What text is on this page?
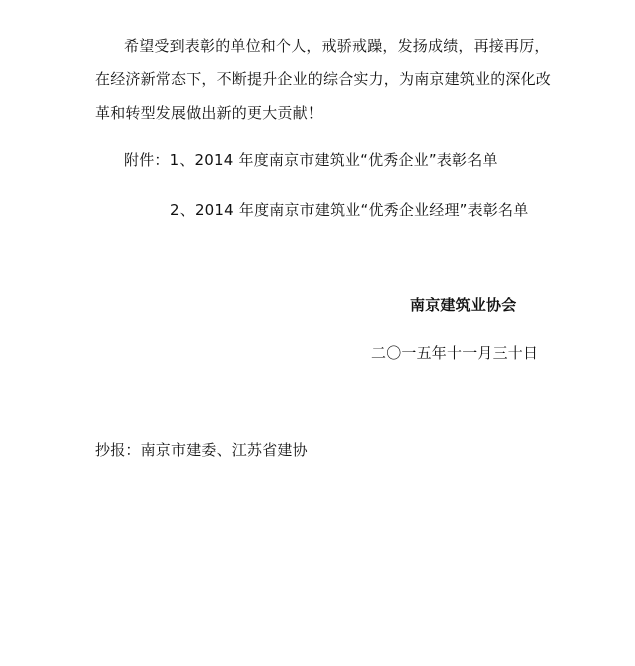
希望受到表彰的单位和个人，戒骄戒躁，发扬成绩，再接再厉，
在经济新常态下，不断提升企业的综合实力，为南京建筑业的深化改
革和转型发展做出新的更大贡献！
附件：1、2014 年度南京市建筑业“优秀企业”表彰名单
2、2014 年度南京市建筑业“优秀企业经理”表彰名单
南京建筑业协会
二〇一五年十一月三十日
抄报：南京市建委、江苏省建协
